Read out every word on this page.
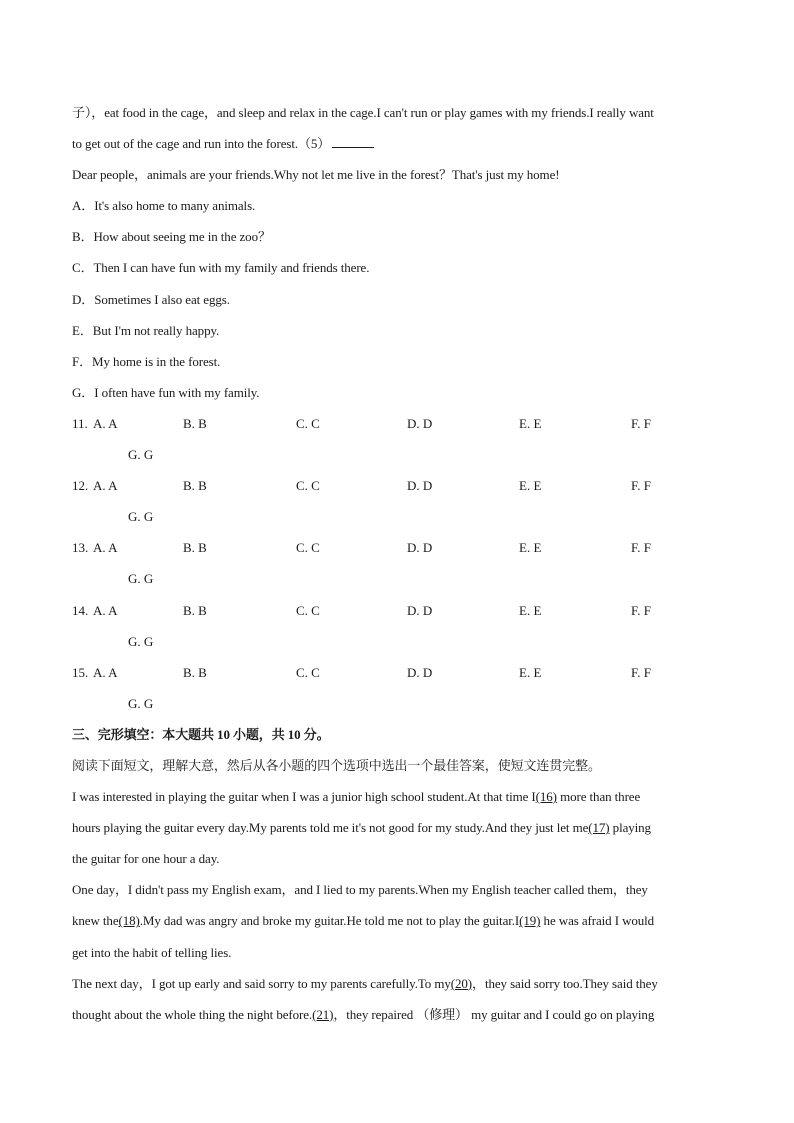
子），eat food in the cage，and sleep and relax in the cage.I can't run or play games with my friends.I really want
to get out of the cage and run into the forest.（5）
Dear people，animals are your friends.Why not let me live in the forest？That's just my home!
A．It's also home to many animals.
B．How about seeing me in the zoo？
C．Then I can have fun with my family and friends there.
D．Sometimes I also eat eggs.
E．But I'm not really happy.
F．My home is in the forest.
G．I often have fun with my family.
11. A. A	B. B	C. C	D. D	E. E	F. F
G. G
12. A. A	B. B	C. C	D. D	E. E	F. F
G. G
13. A. A	B. B	C. C	D. D	E. E	F. F
G. G
14. A. A	B. B	C. C	D. D	E. E	F. F
G. G
15. A. A	B. B	C. C	D. D	E. E	F. F
G. G
三、完形填空：本大题共 10 小题，共 10 分。
阅读下面短文，理解大意，然后从各小题的四个选项中选出一个最佳答案，使短文连贯完整。
I was interested in playing the guitar when I was a junior high school student.At that time I(16) more than three
hours playing the guitar every day.My parents told me it's not good for my study.And they just let me(17) playing
the guitar for one hour a day.
One day，I didn't pass my English exam，and I lied to my parents.When my English teacher called them，they
knew the(18).My dad was angry and broke my guitar.He told me not to play the guitar.I(19) he was afraid I would
get into the habit of telling lies.
The next day，I got up early and said sorry to my parents carefully.To my(20)，they said sorry too.They said they
thought about the whole thing the night before.(21)，they repaired （修理） my guitar and I could go on playing
